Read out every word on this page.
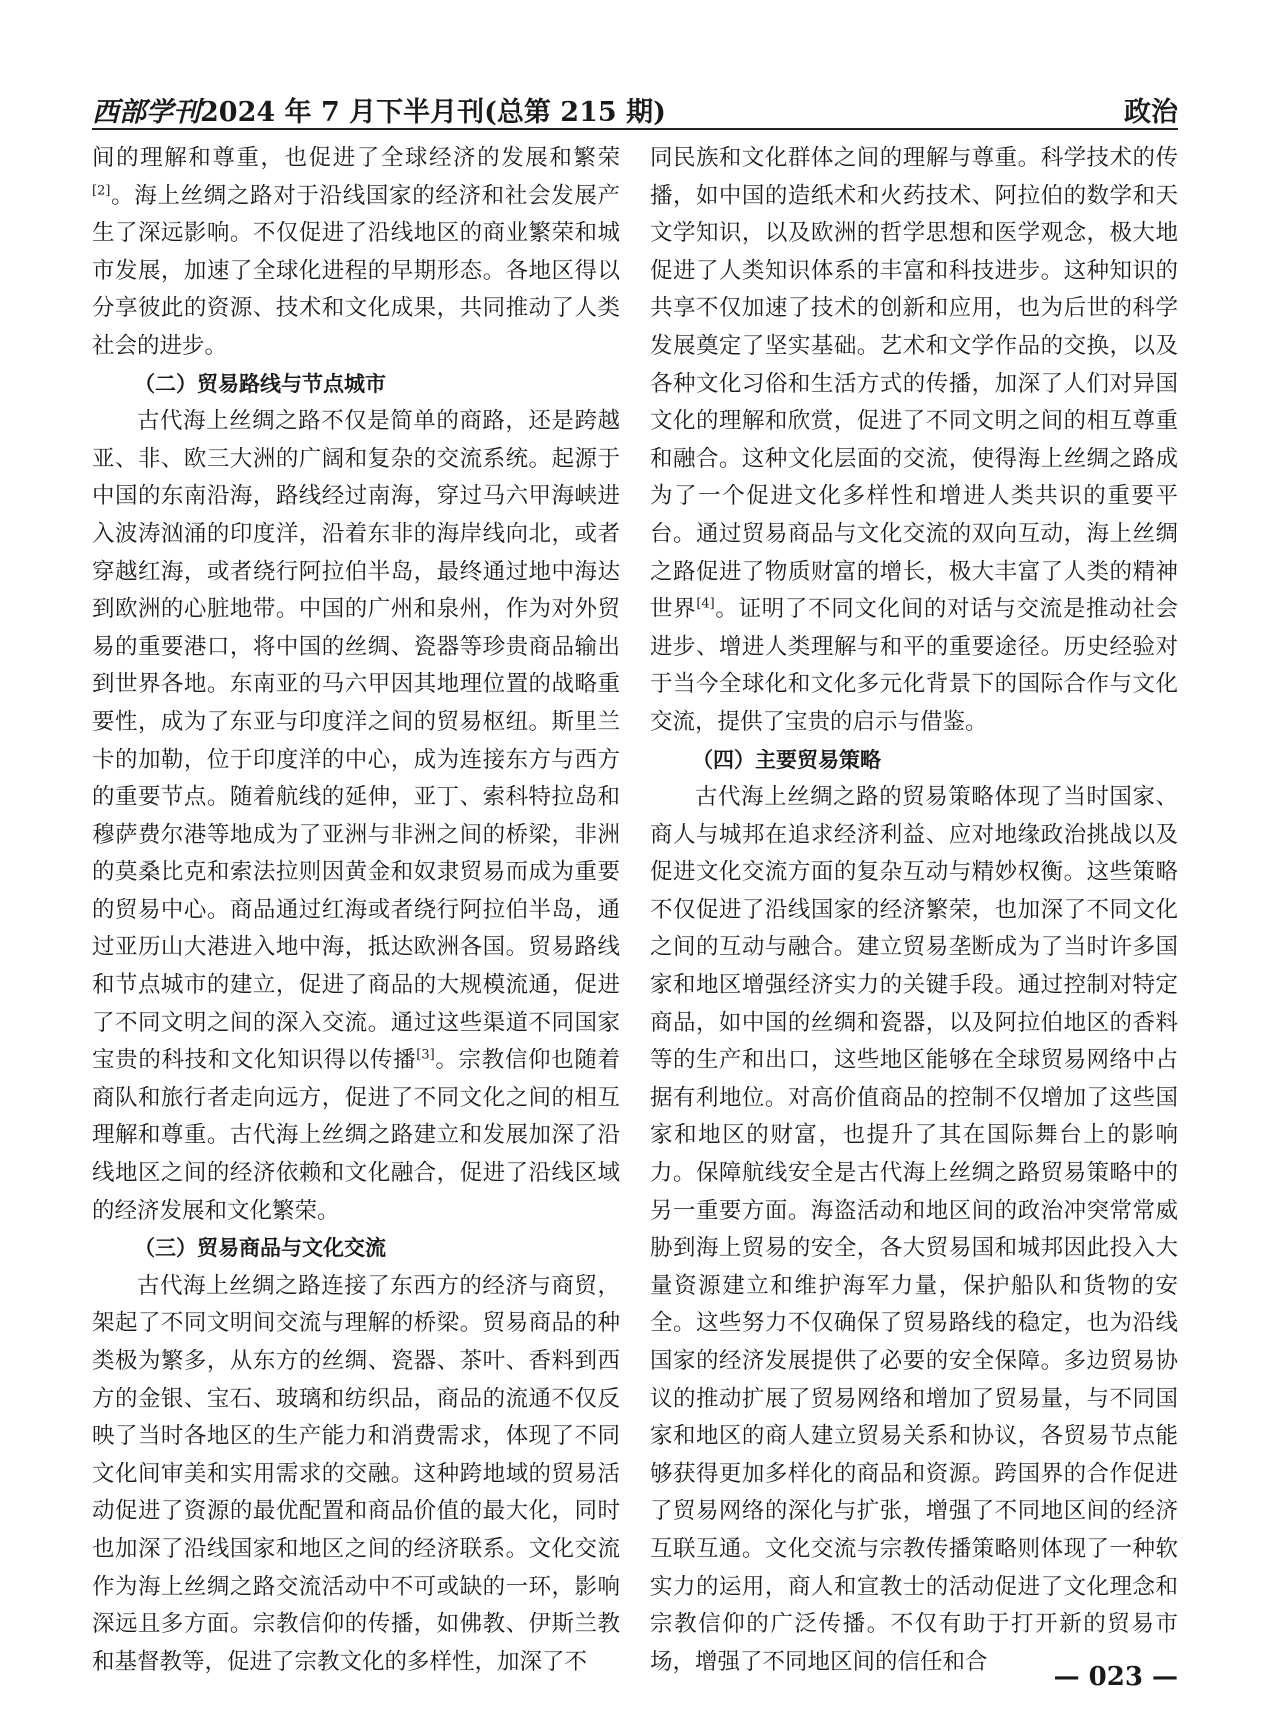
西部学刊2024 年 7 月下半月刊(总第 215 期)	政治

间的理解和尊重，也促进了全球经济的发展和繁荣[2]。海上丝绸之路对于沿线国家的经济和社会发展产生了深远影响。不仅促进了沿线地区的商业繁荣和城市发展，加速了全球化进程的早期形态。各地区得以分享彼此的资源、技术和文化成果，共同推动了人类社会的进步。

（二）贸易路线与节点城市

古代海上丝绸之路不仅是简单的商路，还是跨越亚、非、欧三大洲的广阔和复杂的交流系统。起源于中国的东南沿海，路线经过南海，穿过马六甲海峡进入波涛汹涌的印度洋，沿着东非的海岸线向北，或者穿越红海，或者绕行阿拉伯半岛，最终通过地中海达到欧洲的心脏地带。中国的广州和泉州，作为对外贸易的重要港口，将中国的丝绸、瓷器等珍贵商品输出到世界各地。东南亚的马六甲因其地理位置的战略重要性，成为了东亚与印度洋之间的贸易枢纽。斯里兰卡的加勒，位于印度洋的中心，成为连接东方与西方的重要节点。随着航线的延伸，亚丁、索科特拉岛和穆萨费尔港等地成为了亚洲与非洲之间的桥梁，非洲的莫桑比克和索法拉则因黄金和奴隶贸易而成为重要的贸易中心。商品通过红海或者绕行阿拉伯半岛，通过亚历山大港进入地中海，抵达欧洲各国。贸易路线和节点城市的建立，促进了商品的大规模流通，促进了不同文明之间的深入交流。通过这些渠道不同国家宝贵的科技和文化知识得以传播[3]。宗教信仰也随着商队和旅行者走向远方，促进了不同文化之间的相互理解和尊重。古代海上丝绸之路建立和发展加深了沿线地区之间的经济依赖和文化融合，促进了沿线区域的经济发展和文化繁荣。

（三）贸易商品与文化交流

古代海上丝绸之路连接了东西方的经济与商贸，架起了不同文明间交流与理解的桥梁。贸易商品的种类极为繁多，从东方的丝绸、瓷器、茶叶、香料到西方的金银、宝石、玻璃和纺织品，商品的流通不仅反映了当时各地区的生产能力和消费需求，体现了不同文化间审美和实用需求的交融。这种跨地域的贸易活动促进了资源的最优配置和商品价值的最大化，同时也加深了沿线国家和地区之间的经济联系。文化交流作为海上丝绸之路交流活动中不可或缺的一环，影响深远且多方面。宗教信仰的传播，如佛教、伊斯兰教和基督教等，促进了宗教文化的多样性，加深了不

同民族和文化群体之间的理解与尊重。科学技术的传播，如中国的造纸术和火药技术、阿拉伯的数学和天文学知识，以及欧洲的哲学思想和医学观念，极大地促进了人类知识体系的丰富和科技进步。这种知识的共享不仅加速了技术的创新和应用，也为后世的科学发展奠定了坚实基础。艺术和文学作品的交换，以及各种文化习俗和生活方式的传播，加深了人们对异国文化的理解和欣赏，促进了不同文明之间的相互尊重和融合。这种文化层面的交流，使得海上丝绸之路成为了一个促进文化多样性和增进人类共识的重要平台。通过贸易商品与文化交流的双向互动，海上丝绸之路促进了物质财富的增长，极大丰富了人类的精神世界[4]。证明了不同文化间的对话与交流是推动社会进步、增进人类理解与和平的重要途径。历史经验对于当今全球化和文化多元化背景下的国际合作与文化交流，提供了宝贵的启示与借鉴。

（四）主要贸易策略

古代海上丝绸之路的贸易策略体现了当时国家、商人与城邦在追求经济利益、应对地缘政治挑战以及促进文化交流方面的复杂互动与精妙权衡。这些策略不仅促进了沿线国家的经济繁荣，也加深了不同文化之间的互动与融合。建立贸易垄断成为了当时许多国家和地区增强经济实力的关键手段。通过控制对特定商品，如中国的丝绸和瓷器，以及阿拉伯地区的香料等的生产和出口，这些地区能够在全球贸易网络中占据有利地位。对高价值商品的控制不仅增加了这些国家和地区的财富，也提升了其在国际舞台上的影响力。保障航线安全是古代海上丝绸之路贸易策略中的另一重要方面。海盗活动和地区间的政治冲突常常威胁到海上贸易的安全，各大贸易国和城邦因此投入大量资源建立和维护海军力量，保护船队和货物的安全。这些努力不仅确保了贸易路线的稳定，也为沿线国家的经济发展提供了必要的安全保障。多边贸易协议的推动扩展了贸易网络和增加了贸易量，与不同国家和地区的商人建立贸易关系和协议，各贸易节点能够获得更加多样化的商品和资源。跨国界的合作促进了贸易网络的深化与扩张，增强了不同地区间的经济互联互通。文化交流与宗教传播策略则体现了一种软实力的运用，商人和宣教士的活动促进了文化理念和宗教信仰的广泛传播。不仅有助于打开新的贸易市场，增强了不同地区间的信任和合

— 023 —
